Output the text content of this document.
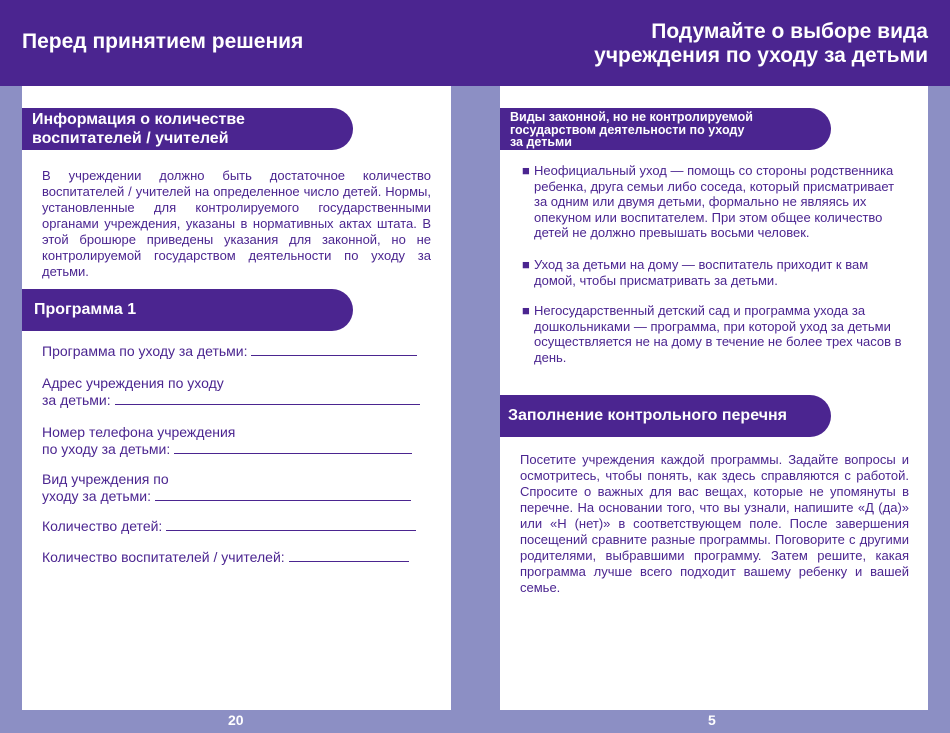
Перед принятием решения	Подумайте о выборе вида
учреждения по уходу за детьми
Информация о количестве
воспитателей / учителей

В учреждении должно быть достаточное количество воспитателей / учителей на определенное число детей. Нормы, установленные для контролируемого государственными органами учреждения, указаны в нормативных актах штата. В этой брошюре приведены указания для законной, но не контролируемой государством деятельности по уходу за детьми.

Программа 1
Программа по уходу за детьми:
Адрес учреждения по уходу
за детьми:
Номер телефона учреждения
по уходу за детьми:
Вид учреждения по
уходу за детьми:
Количество детей:
Количество воспитателей / учителей:
20
Виды законной, но не контролируемой
государством деятельности по уходу
за детьми
■ Неофициальный уход — помощь со стороны родственника ребенка, друга семьи либо соседа, который присматривает за одним или двумя детьми, формально не являясь их опекуном или воспитателем. При этом общее количество детей не должно превышать восьми человек.
■ Уход за детьми на дому — воспитатель приходит к вам домой, чтобы присматривать за детьми.
■ Негосударственный детский сад и программа ухода за дошкольниками — программа, при которой уход за детьми осуществляется не на дому в течение не более трех часов в день.
Заполнение контрольного перечня

Посетите учреждения каждой программы. Задайте вопросы и осмотритесь, чтобы понять, как здесь справляются с работой. Спросите о важных для вас вещах, которые не упомянуты в перечне. На основании того, что вы узнали, напишите «Д (да)» или «Н (нет)» в соответствующем поле. После завершения посещений сравните разные программы. Поговорите с другими родителями, выбравшими программу. Затем решите, какая программа лучше всего подходит вашему ребенку и вашей семье.

5
